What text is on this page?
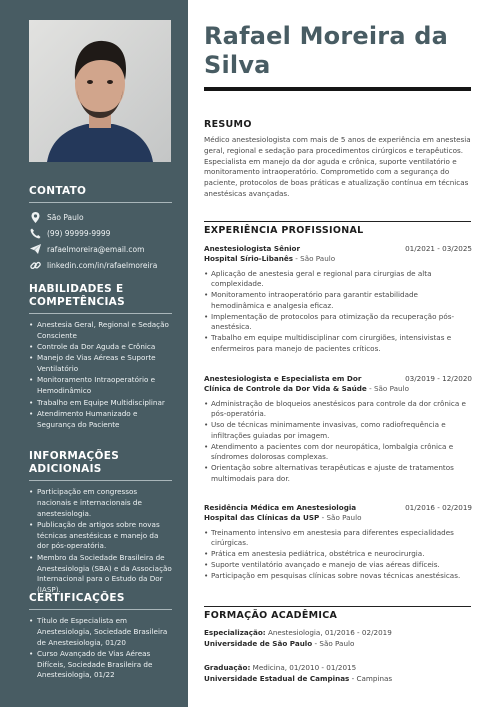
CONTATO
São Paulo
(99) 99999-9999
rafaelmoreira@email.com
linkedin.com/in/rafaelmoreira
HABILIDADES E COMPETÊNCIAS
• Anestesia Geral, Regional e Sedação Consciente
• Controle da Dor Aguda e Crônica
• Manejo de Vias Aéreas e Suporte Ventilatório
• Monitoramento Intraoperatório e Hemodinâmico
• Trabalho em Equipe Multidisciplinar
• Atendimento Humanizado e Segurança do Paciente
INFORMAÇÕES ADICIONAIS
• Participação em congressos nacionais e internacionais de anestesiologia.
• Publicação de artigos sobre novas técnicas anestésicas e manejo da dor pós-operatória.
• Membro da Sociedade Brasileira de Anestesiologia (SBA) e da Associação Internacional para o Estudo da Dor (IASP).
CERTIFICAÇÕES
• Título de Especialista em Anestesiologia, Sociedade Brasileira de Anestesiologia, 01/20
• Curso Avançado de Vias Aéreas Difíceis, Sociedade Brasileira de Anestesiologia, 01/22
Rafael Moreira da Silva
RESUMO
Médico anestesiologista com mais de 5 anos de experiência em anestesia geral, regional e sedação para procedimentos cirúrgicos e terapêuticos. Especialista em manejo da dor aguda e crônica, suporte ventilatório e monitoramento intraoperatório. Comprometido com a segurança do paciente, protocolos de boas práticas e atualização contínua em técnicas anestésicas avançadas.
EXPERIÊNCIA PROFISSIONAL
Anestesiologista Sênior	01/2021 - 03/2025
Hospital Sírio-Libanês - São Paulo
• Aplicação de anestesia geral e regional para cirurgias de alta complexidade.
• Monitoramento intraoperatório para garantir estabilidade hemodinâmica e analgesia eficaz.
• Implementação de protocolos para otimização da recuperação pós-anestésica.
• Trabalho em equipe multidisciplinar com cirurgiões, intensivistas e enfermeiros para manejo de pacientes críticos.
Anestesiologista e Especialista em Dor	03/2019 - 12/2020
Clínica de Controle da Dor Vida & Saúde - São Paulo
• Administração de bloqueios anestésicos para controle da dor crônica e pós-operatória.
• Uso de técnicas minimamente invasivas, como radiofrequência e infiltrações guiadas por imagem.
• Atendimento a pacientes com dor neuropática, lombalgia crônica e síndromes dolorosas complexas.
• Orientação sobre alternativas terapêuticas e ajuste de tratamentos multimodais para dor.
Residência Médica em Anestesiologia	01/2016 - 02/2019
Hospital das Clínicas da USP - São Paulo
• Treinamento intensivo em anestesia para diferentes especialidades cirúrgicas.
• Prática em anestesia pediátrica, obstétrica e neurocirurgia.
• Suporte ventilatório avançado e manejo de vias aéreas difíceis.
• Participação em pesquisas clínicas sobre novas técnicas anestésicas.
FORMAÇÃO ACADÊMICA
Especialização: Anestesiologia, 01/2016 - 02/2019
Universidade de São Paulo - São Paulo
Graduação: Medicina, 01/2010 - 01/2015
Universidade Estadual de Campinas - Campinas
